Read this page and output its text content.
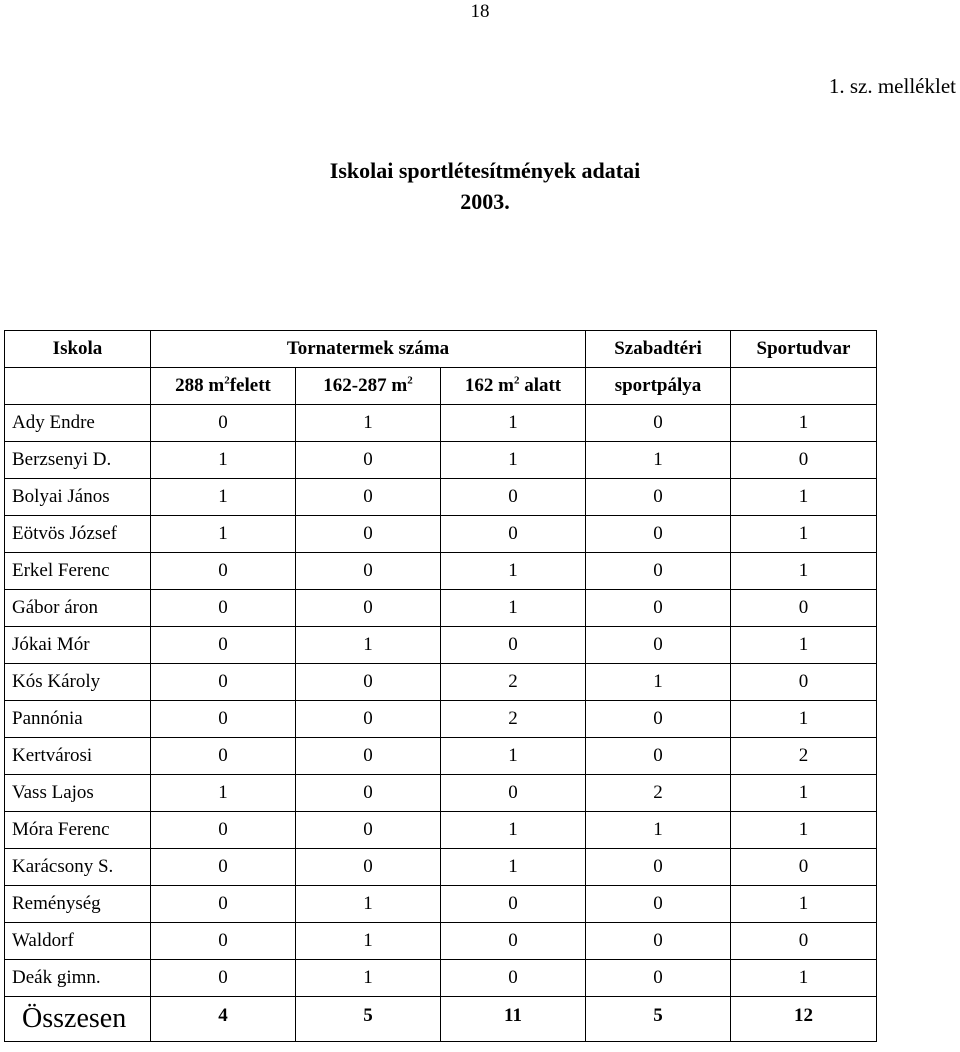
18
1. sz. melléklet
Iskolai sportlétesítmények adatai
2003.
Iskola	Tornatermek száma			Szabadtéri	Sportudvar
	288 $m^2felett$	162-287 $m^2$	162 $m^2$ alatt	sportpálya	
Ady Endre	0	1	1	0	1
Berzsenyi D.	1	0	1	1	0
Bolyai János	1	0	0	0	1
Eötvös József	1	0	0	0	1
Erkel Ferenc	0	0	1	0	1
Gábor áron	0	0	1	0	0
Jókai Mór	0	1	0	0	1
Kós Károly	0	0	2	1	0
Pannónia	0	0	2	0	1
Kertvárosi	0	0	1	0	2
Vass Lajos	1	0	0	2	1
Móra Ferenc	0	0	1	1	1
Karácsony S.	0	0	1	0	0
Reménység	0	1	0	0	1
Waldorf	0	1	0	0	0
Deák gimn.	0	1	0	0	1
Összesen	4	5	11	5	12
